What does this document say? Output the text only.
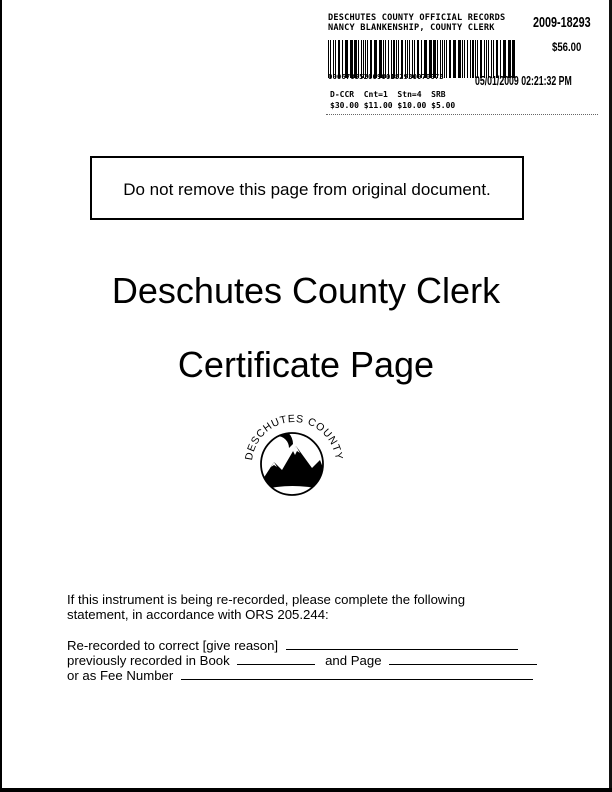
DESCHUTES COUNTY OFFICIAL RECORDS
NANCY BLANKENSHIP, COUNTY CLERK	2009-18293
$56.00
00067055200900182930070073	05/01/2009 02:21:32 PM
D-CCR  Cnt=1  Stn=4  SRB
$30.00 $11.00 $10.00 $5.00
Do not remove this page from original document.
Deschutes County Clerk
Certificate Page
DESCHUTES COUNTY
If this instrument is being re-recorded, please complete the following
statement, in accordance with ORS 205.244:
Re-recorded to correct [give reason]
previously recorded in Book	and Page
or as Fee Number
